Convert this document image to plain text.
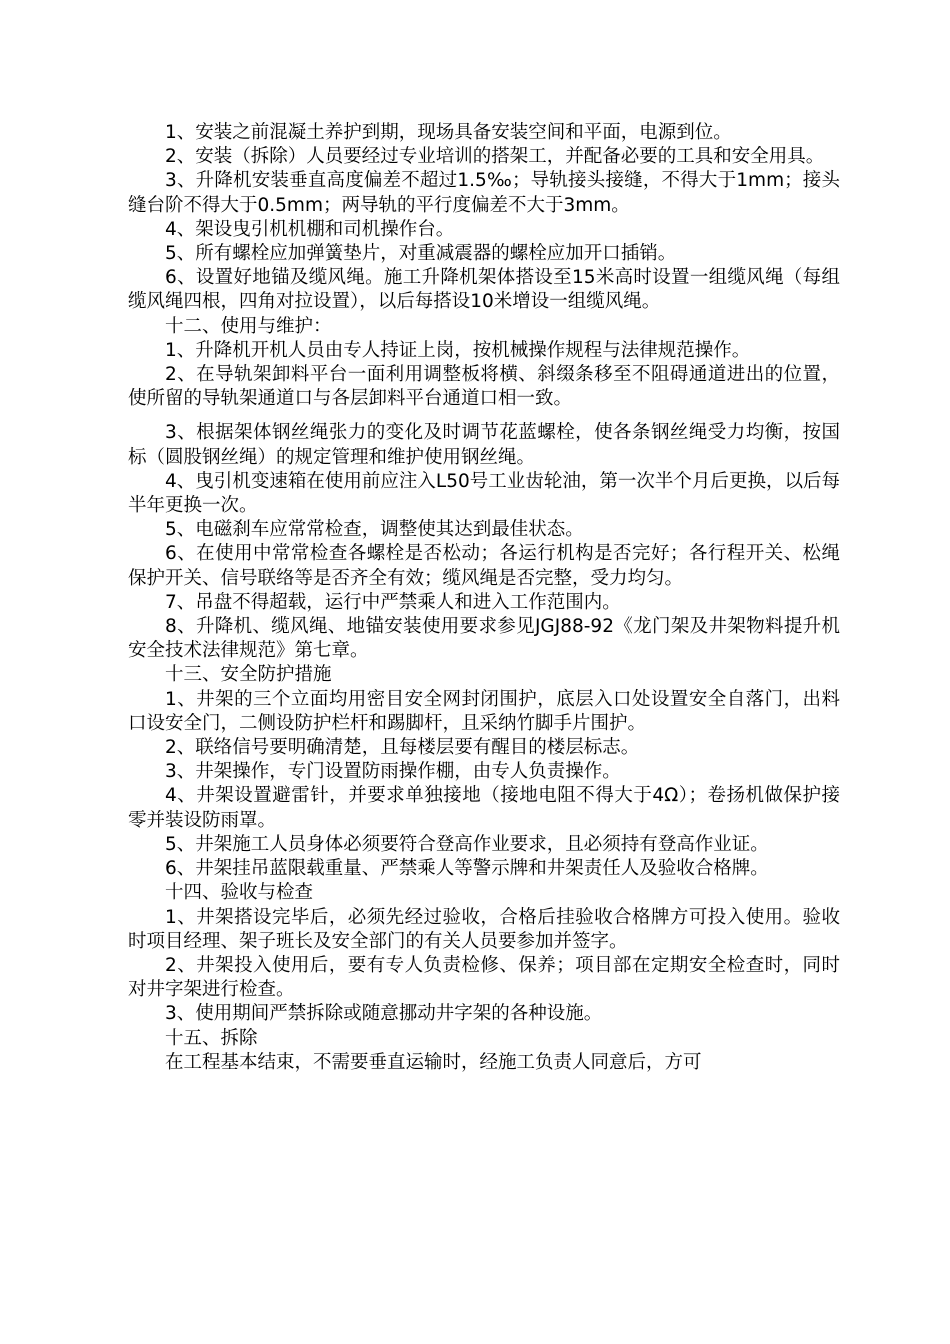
1、安装之前混凝土养护到期，现场具备安装空间和平面，电源到位。

2、安装（拆除）人员要经过专业培训的搭架工，并配备必要的工具和安全用具。

3、升降机安装垂直高度偏差不超过1.5‰；导轨接头接缝，不得大于1mm；接头缝台阶不得大于0.5mm；两导轨的平行度偏差不大于3mm。

4、架设曳引机机棚和司机操作台。

5、所有螺栓应加弹簧垫片，对重减震器的螺栓应加开口插销。

6、设置好地锚及缆风绳。施工升降机架体搭设至15米高时设置一组缆风绳（每组缆风绳四根，四角对拉设置），以后每搭设10米增设一组缆风绳。

十二、使用与维护：

1、升降机开机人员由专人持证上岗，按机械操作规程与法律规范操作。

2、在导轨架卸料平台一面利用调整板将横、斜缀条移至不阻碍通道进出的位置，使所留的导轨架通道口与各层卸料平台通道口相一致。

3、根据架体钢丝绳张力的变化及时调节花蓝螺栓，使各条钢丝绳受力均衡，按国标（圆股钢丝绳）的规定管理和维护使用钢丝绳。

4、曳引机变速箱在使用前应注入L50号工业齿轮油，第一次半个月后更换，以后每半年更换一次。

5、电磁刹车应常常检查，调整使其达到最佳状态。

6、在使用中常常检查各螺栓是否松动；各运行机构是否完好；各行程开关、松绳保护开关、信号联络等是否齐全有效；缆风绳是否完整，受力均匀。

7、吊盘不得超载，运行中严禁乘人和进入工作范围内。

8、升降机、缆风绳、地锚安装使用要求参见JGJ88-92《龙门架及井架物料提升机安全技术法律规范》第七章。

十三、安全防护措施

1、井架的三个立面均用密目安全网封闭围护，底层入口处设置安全自落门，出料口设安全门，二侧设防护栏杆和踢脚杆，且采纳竹脚手片围护。

2、联络信号要明确清楚，且每楼层要有醒目的楼层标志。

3、井架操作，专门设置防雨操作棚，由专人负责操作。

4、井架设置避雷针，并要求单独接地（接地电阻不得大于4Ω）；卷扬机做保护接零并装设防雨罩。

5、井架施工人员身体必须要符合登高作业要求，且必须持有登高作业证。

6、井架挂吊蓝限载重量、严禁乘人等警示牌和井架责任人及验收合格牌。

十四、验收与检查

1、井架搭设完毕后，必须先经过验收，合格后挂验收合格牌方可投入使用。验收时项目经理、架子班长及安全部门的有关人员要参加并签字。

2、井架投入使用后，要有专人负责检修、保养；项目部在定期安全检查时，同时对井字架进行检查。

3、使用期间严禁拆除或随意挪动井字架的各种设施。

十五、拆除

在工程基本结束，不需要垂直运输时，经施工负责人同意后，方可
